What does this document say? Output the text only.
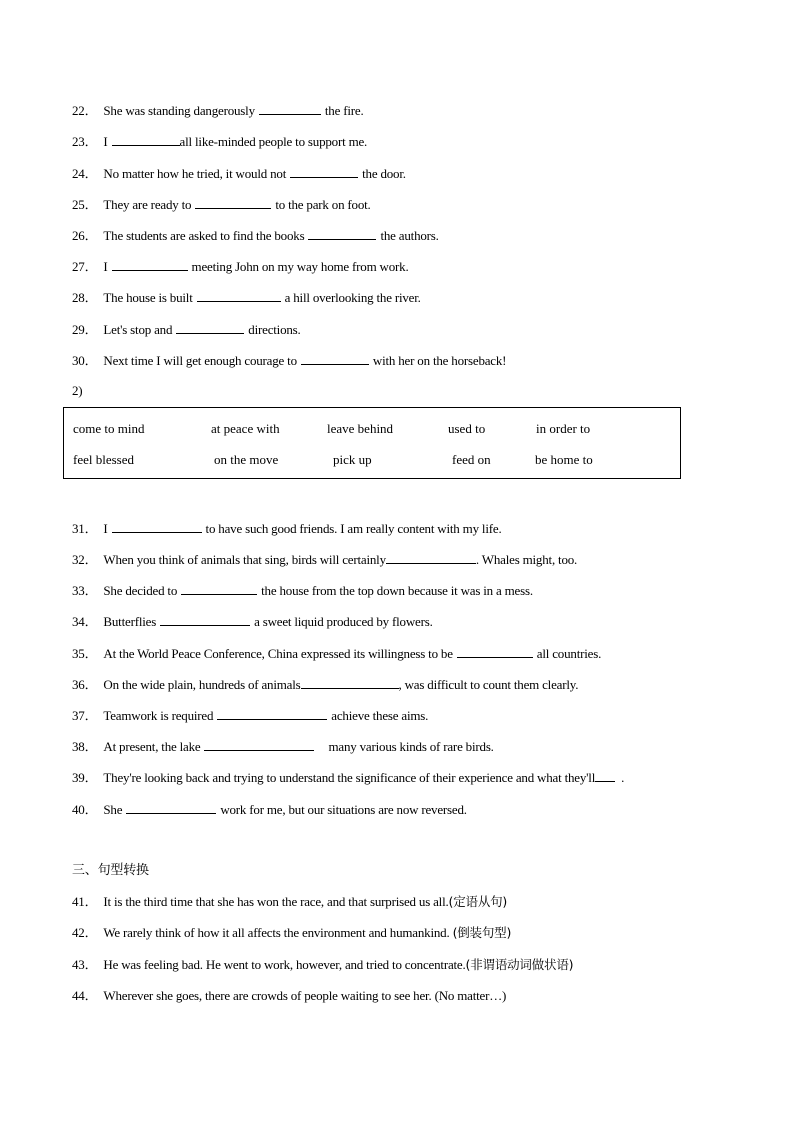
22． She was standing dangerously	the fire.
23． I	all like-minded people to support me.
24． No matter how he tried, it would not	the door.
25． They are ready to	to the park on foot.
26． The students are asked to find the books	the authors.
27． I	meeting John on my way home from work.
28． The house is built	a hill overlooking the river.
29． Let's stop and	directions.
30． Next time I will get enough courage to	with her on the horseback!
2)
come to mind	at peace with	leave behind	used to	in order to
feel blessed	on the move	pick up	feed on	be home to
31． I	to have such good friends. I am really content with my life.
32． When you think of animals that sing, birds will certainly	. Whales might, too.
33． She decided to	the house from the top down because it was in a mess.
34． Butterflies	a sweet liquid produced by flowers.
35． At the World Peace Conference, China expressed its willingness to be	all countries.
36． On the wide plain, hundreds of animals	, was difficult to count them clearly.
37． Teamwork is required	achieve these aims.
38． At present, the lake	many various kinds of rare birds.
39． They're looking back and trying to understand the significance of their experience and what they'll .
40． She	work for me, but our situations are now reversed.
三、句型转换
41． It is the third time that she has won the race, and that surprised us all.(定语从句)
42． We rarely think of how it all affects the environment and humankind. (倒装句型)
43． He was feeling bad. He went to work, however, and tried to concentrate.(非谓语动词做状语)
44． Wherever she goes, there are crowds of people waiting to see her. (No matter…)
